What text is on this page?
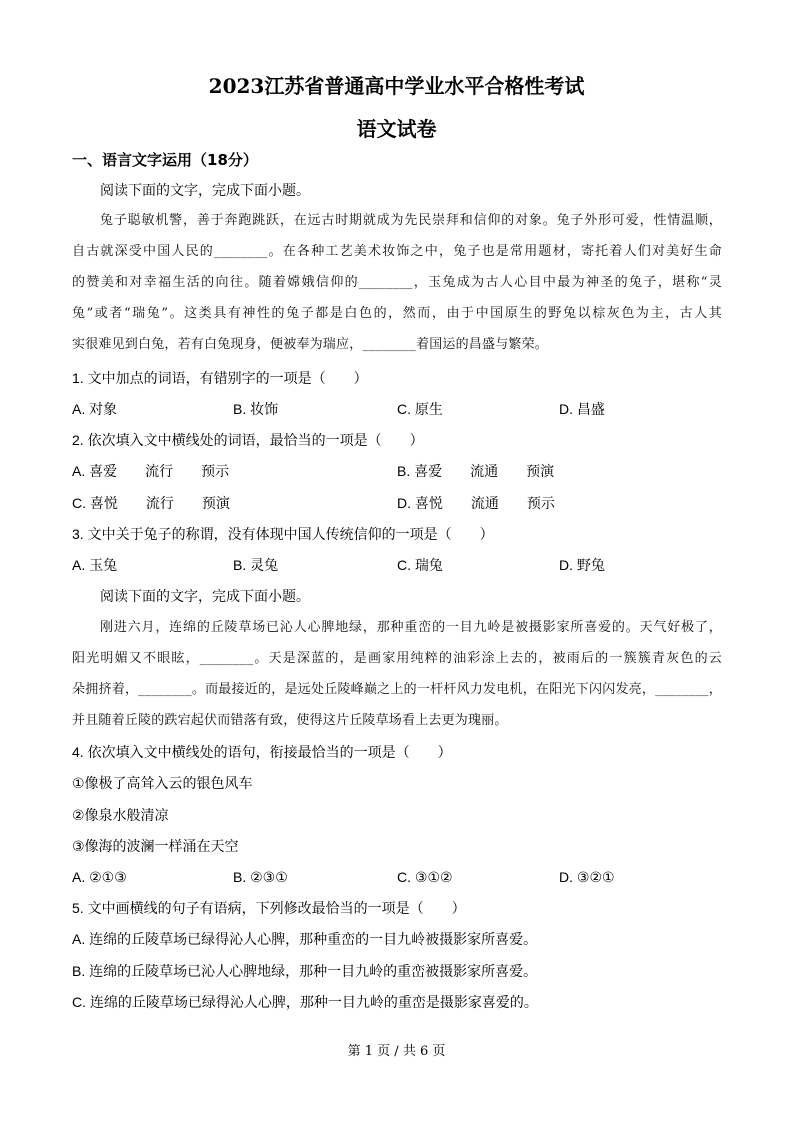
2023江苏省普通高中学业水平合格性考试
语文试卷
一、语言文字运用（18分）
阅读下面的文字，完成下面小题。
兔子聪敏机警，善于奔跑跳跃，在远古时期就成为先民崇拜和信仰的对象。兔子外形可爱，性情温顺，
自古就深受中国人民的________。在各种工艺美术妆饰之中，兔子也是常用题材，寄托着人们对美好生命
的赞美和对幸福生活的向往。随着嫦娥信仰的________，玉兔成为古人心目中最为神圣的兔子，堪称“灵
兔”或者“瑞兔”。这类具有神性的兔子都是白色的，然而，由于中国原生的野兔以棕灰色为主，古人其
实很难见到白兔，若有白兔现身，便被奉为瑞应，________着国运的昌盛与繁荣。
1. 文中加点的词语，有错别字的一项是（　　）
A. 对象	B. 妆饰	C. 原生	D. 昌盛
2. 依次填入文中横线处的词语，最恰当的一项是（　　）
A. 喜爱　　流行　　预示	B. 喜爱　　流通　　预演
C. 喜悦　　流行　　预演	D. 喜悦　　流通　　预示
3. 文中关于兔子的称谓，没有体现中国人传统信仰的一项是（　　）
A. 玉兔	B. 灵兔	C. 瑞兔	D. 野兔
阅读下面的文字，完成下面小题。
刚进六月，连绵的丘陵草场已沁人心脾地绿，那种重峦的一目九岭是被摄影家所喜爱的。天气好极了，
阳光明媚又不眼眩，________。天是深蓝的，是画家用纯粹的油彩涂上去的，被雨后的一簇簇青灰色的云
朵拥挤着，________。而最接近的，是远处丘陵峰巅之上的一杆杆风力发电机，在阳光下闪闪发亮，________，
并且随着丘陵的跌宕起伏而错落有致，使得这片丘陵草场看上去更为瑰丽。
4. 依次填入文中横线处的语句，衔接最恰当的一项是（　　）
①像极了高耸入云的银色风车
②像泉水般清凉
③像海的波澜一样涌在天空
A. ②①③	B. ②③①	C. ③①②	D. ③②①
5. 文中画横线的句子有语病，下列修改最恰当的一项是（　　）
A. 连绵的丘陵草场已绿得沁人心脾，那种重峦的一目九岭被摄影家所喜爱。
B. 连绵的丘陵草场已沁人心脾地绿，那种一目九岭的重峦被摄影家所喜爱。
C. 连绵的丘陵草场已绿得沁人心脾，那种一目九岭的重峦是摄影家喜爱的。
第 1 页 / 共 6 页
